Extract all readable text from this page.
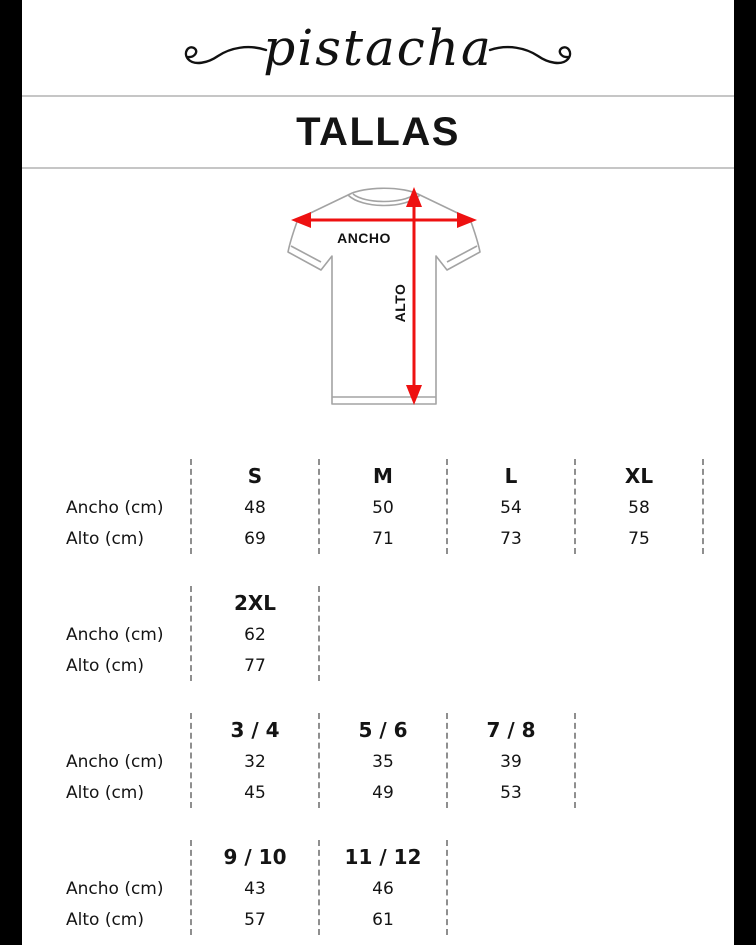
pistacha
TALLAS
ANCHO
ALTO
Ancho (cm)
Alto (cm)
S
48
69
M
50
71
L
54
73
XL
58
75
Ancho (cm)
Alto (cm)
2XL
62
77
Ancho (cm)
Alto (cm)
3 / 4
32
45
5 / 6
35
49
7 / 8
39
53
Ancho (cm)
Alto (cm)
9 / 10
43
57
11 / 12
46
61
